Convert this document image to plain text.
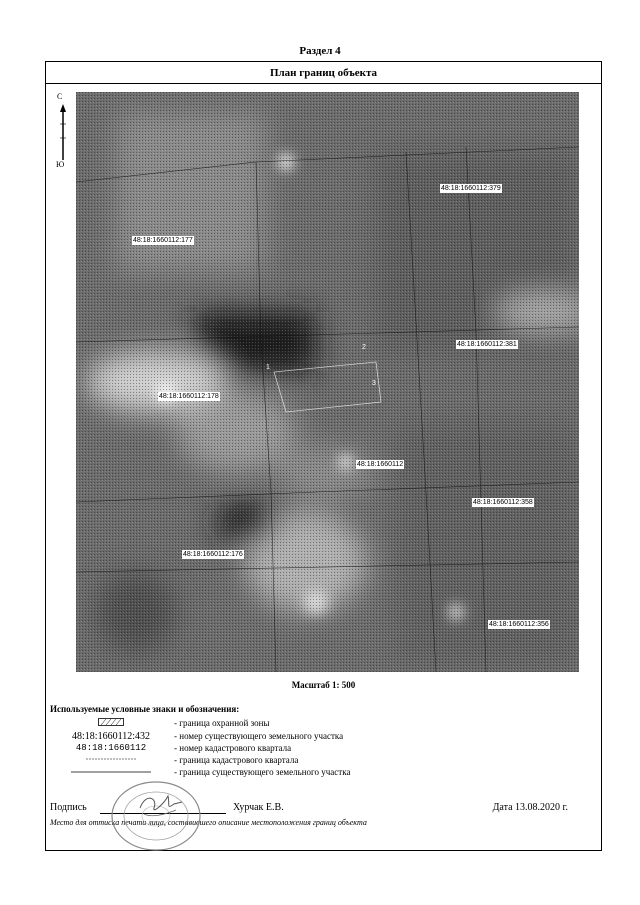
Раздел 4
План границ объекта
С
Ю
48:18:1660112:379
48:18:1660112:177
48:18:1660112:381
48:18:1660112:178
48:18:1660112
48:18:1660112:358
48:18:1660112:176
48:18:1660112:356
2
1
3
Масштаб 1: 500
Используемые условные знаки и обозначения:
- граница охранной зоны
48:18:1660112:432	- номер существующего земельного участка
48:18:1660112	- номер кадастрового квартала
- граница кадастрового квартала
- граница существующего земельного участка
Подпись	Хурчак Е.В.	Дата 13.08.2020 г.
Место для оттиска печати лица, составившего описание местоположения границ объекта
